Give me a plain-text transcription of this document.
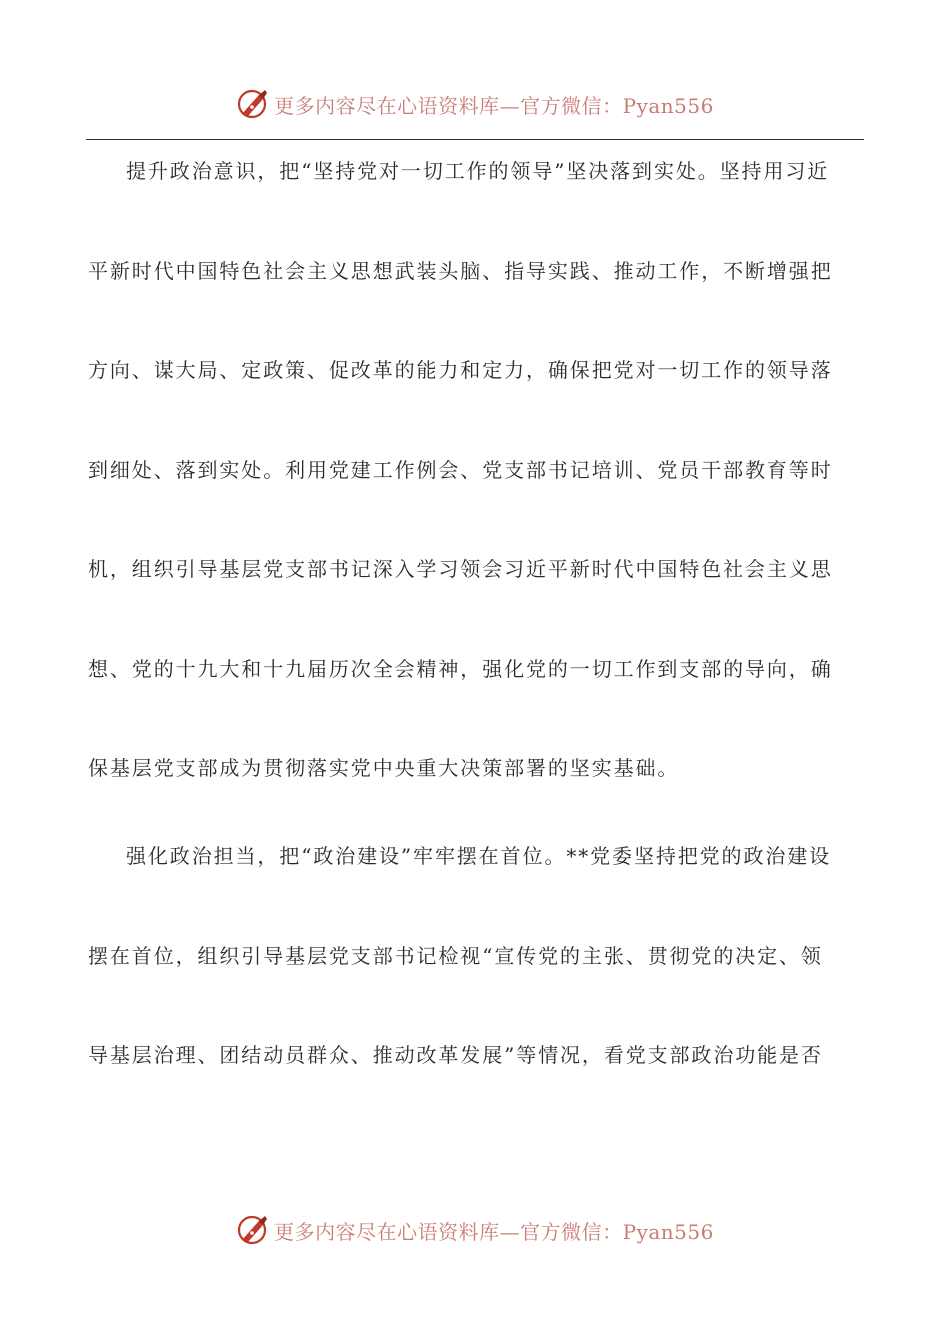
更多内容尽在心语资料库—官方微信：Pyan556
提升政治意识，把“坚持党对一切工作的领导”坚决落到实处。坚持用习近
平新时代中国特色社会主义思想武装头脑、指导实践、推动工作，不断增强把
方向、谋大局、定政策、促改革的能力和定力，确保把党对一切工作的领导落
到细处、落到实处。利用党建工作例会、党支部书记培训、党员干部教育等时
机，组织引导基层党支部书记深入学习领会习近平新时代中国特色社会主义思
想、党的十九大和十九届历次全会精神，强化党的一切工作到支部的导向，确
保基层党支部成为贯彻落实党中央重大决策部署的坚实基础。
强化政治担当，把“政治建设”牢牢摆在首位。**党委坚持把党的政治建设
摆在首位，组织引导基层党支部书记检视“宣传党的主张、贯彻党的决定、领
导基层治理、团结动员群众、推动改革发展”等情况，看党支部政治功能是否
更多内容尽在心语资料库—官方微信：Pyan556
